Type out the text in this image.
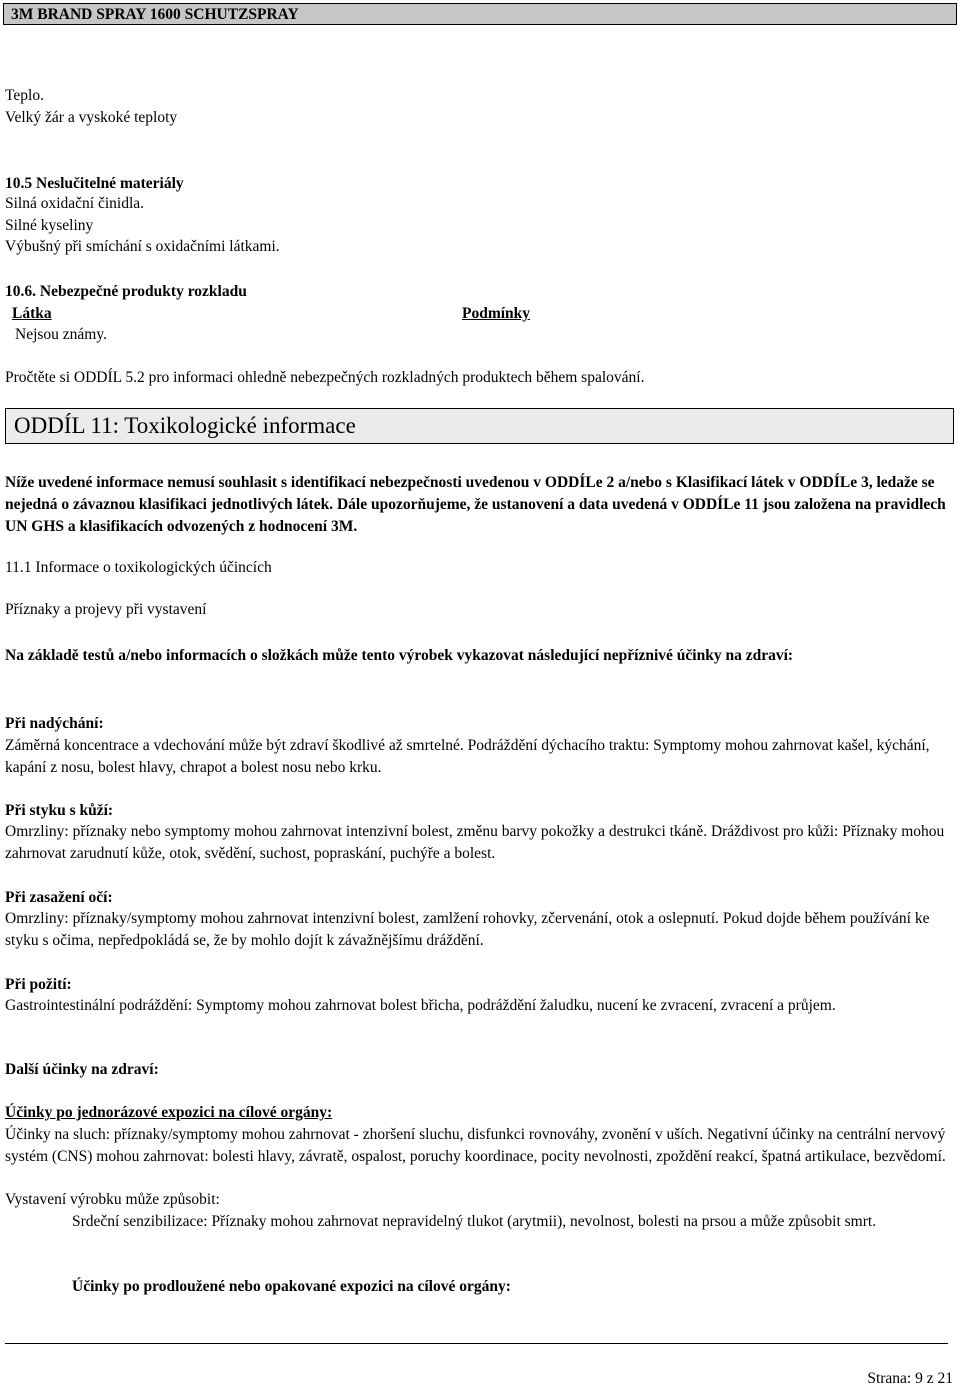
3M BRAND SPRAY 1600 SCHUTZSPRAY
Teplo.
Velký žár a vyskoké teploty
10.5 Neslučitelné materiály
Silná oxidační činidla.
Silné kyseliny
Výbušný při smíchání s oxidačními látkami.
10.6. Nebezpečné produkty rozkladu
Látka	Podmínky
Nejsou známy.
Pročtěte si ODDÍL 5.2 pro informaci ohledně nebezpečných rozkladných produktech během spalování.
ODDÍL 11: Toxikologické informace
Níže uvedené informace nemusí souhlasit s identifikací nebezpečnosti uvedenou v ODDÍLe 2 a/nebo s Klasifikací látek v ODDÍLe 3, ledaže se nejedná o závaznou klasifikaci jednotlivých látek. Dále upozorňujeme, že ustanovení a data uvedená v ODDÍLe 11 jsou založena na pravidlech UN GHS a klasifikacích odvozených z hodnocení 3M.
11.1 Informace o toxikologických účincích
Příznaky a projevy při vystavení
Na základě testů a/nebo informacích o složkách může tento výrobek vykazovat následující nepříznivé účinky na zdraví:
Při nadýchání:
Záměrná koncentrace a vdechování může být zdraví škodlivé až smrtelné. Podráždění dýchacího traktu: Symptomy mohou zahrnovat kašel, kýchání, kapání z nosu, bolest hlavy, chrapot a bolest nosu nebo krku.
Při styku s kůží:
Omrzliny: příznaky nebo symptomy mohou zahrnovat intenzivní bolest, změnu barvy pokožky a destrukci tkáně. Dráždivost pro kůži: Příznaky mohou zahrnovat zarudnutí kůže, otok, svědění, suchost, popraskání, puchýře a bolest.
Při zasažení očí:
Omrzliny: příznaky/symptomy mohou zahrnovat intenzivní bolest, zamlžení rohovky, zčervenání, otok a oslepnutí. Pokud dojde během používání ke styku s očima, nepředpokládá se, že by mohlo dojít k závažnějšímu dráždění.
Při požití:
Gastrointestinální podráždění: Symptomy mohou zahrnovat bolest břicha, podráždění žaludku, nucení ke zvracení, zvracení a průjem.
Další účinky na zdraví:
Účinky po jednorázové expozici na cílové orgány:
Účinky na sluch: příznaky/symptomy mohou zahrnovat - zhoršení sluchu, disfunkci rovnováhy, zvonění v uších. Negativní účinky na centrální nervový systém (CNS) mohou zahrnovat: bolesti hlavy, závratě, ospalost, poruchy koordinace, pocity nevolnosti, zpoždění reakcí, špatná artikulace, bezvědomí.
Vystavení výrobku může způsobit:
Srdeční senzibilizace: Příznaky mohou zahrnovat nepravidelný tlukot (arytmii), nevolnost, bolesti na prsou a může způsobit smrt.
Účinky po prodloužené nebo opakované expozici na cílové orgány:
Strana: 9 z 21
